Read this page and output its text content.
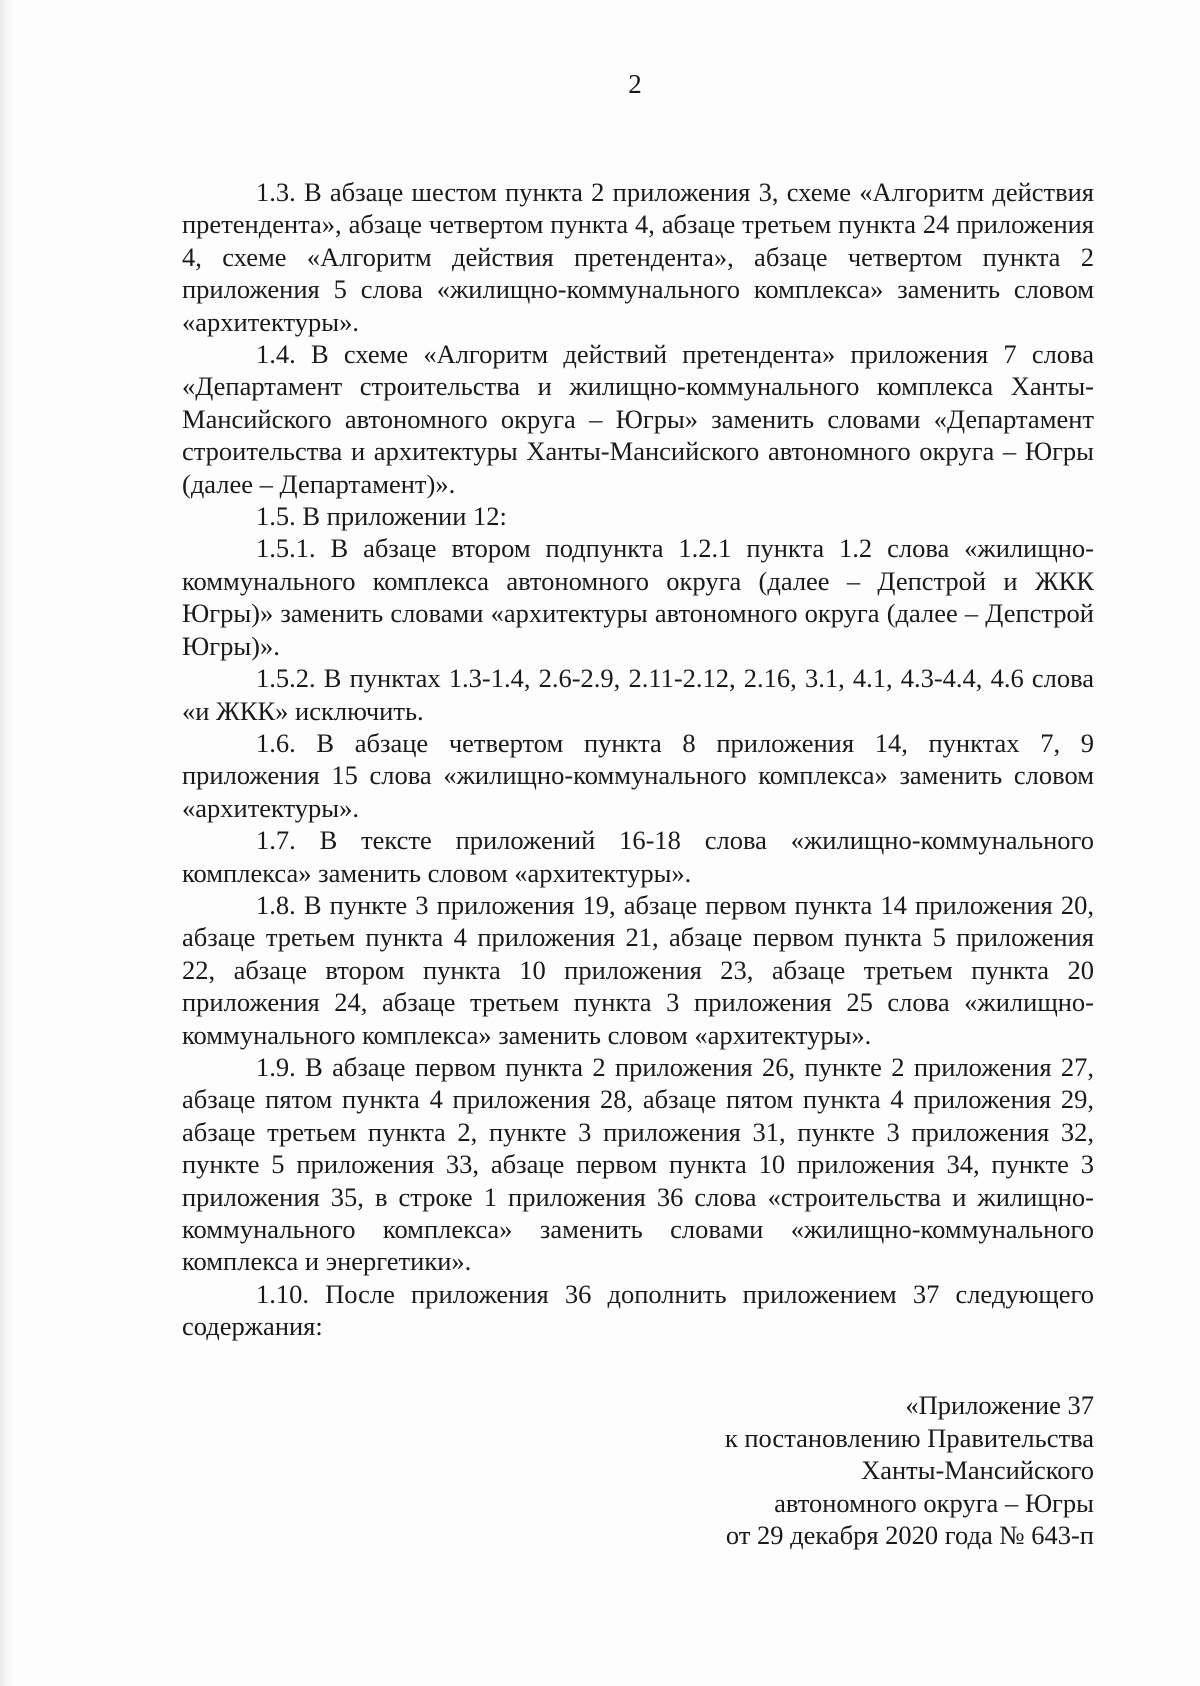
2

1.3. В абзаце шестом пункта 2 приложения 3, схеме «Алгоритм действия претендента», абзаце четвертом пункта 4, абзаце третьем пункта 24 приложения 4, схеме «Алгоритм действия претендента», абзаце четвертом пункта 2 приложения 5 слова «жилищно-коммунального комплекса» заменить словом «архитектуры».

1.4. В схеме «Алгоритм действий претендента» приложения 7 слова «Департамент строительства и жилищно-коммунального комплекса Ханты-Мансийского автономного округа – Югры» заменить словами «Департамент строительства и архитектуры Ханты-Мансийского автономного округа – Югры (далее – Департамент)».

1.5. В приложении 12:

1.5.1. В абзаце втором подпункта 1.2.1 пункта 1.2 слова «жилищно-коммунального комплекса автономного округа (далее – Депстрой и ЖКК Югры)» заменить словами «архитектуры автономного округа (далее – Депстрой Югры)».

1.5.2. В пунктах 1.3-1.4, 2.6-2.9, 2.11-2.12, 2.16, 3.1, 4.1, 4.3-4.4, 4.6 слова «и ЖКК» исключить.

1.6. В абзаце четвертом пункта 8 приложения 14, пунктах 7, 9 приложения 15 слова «жилищно-коммунального комплекса» заменить словом «архитектуры».

1.7. В тексте приложений 16-18 слова «жилищно-коммунального комплекса» заменить словом «архитектуры».

1.8. В пункте 3 приложения 19, абзаце первом пункта 14 приложения 20, абзаце третьем пункта 4 приложения 21, абзаце первом пункта 5 приложения 22, абзаце втором пункта 10 приложения 23, абзаце третьем пункта 20 приложения 24, абзаце третьем пункта 3 приложения 25 слова «жилищно-коммунального комплекса» заменить словом «архитектуры».

1.9. В абзаце первом пункта 2 приложения 26, пункте 2 приложения 27, абзаце пятом пункта 4 приложения 28, абзаце пятом пункта 4 приложения 29, абзаце третьем пункта 2, пункте 3 приложения 31, пункте 3 приложения 32, пункте 5 приложения 33, абзаце первом пункта 10 приложения 34, пункте 3 приложения 35, в строке 1 приложения 36 слова «строительства и жилищно-коммунального комплекса» заменить словами «жилищно-коммунального комплекса и энергетики».

1.10. После приложения 36 дополнить приложением 37 следующего содержания:

«Приложение 37
к постановлению Правительства
Ханты-Мансийского
автономного округа – Югры
от 29 декабря 2020 года № 643-п
